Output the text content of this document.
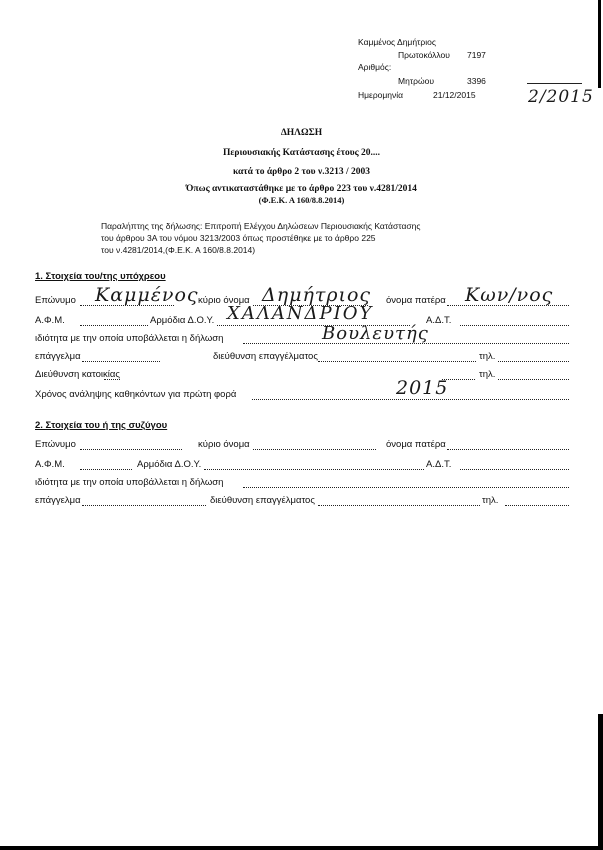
Καμμένος Δημήτριος
Πρωτοκόλλου 7197
Αριθμός:
Μητρώου	3396
Ημερομηνία	21/12/2015	2/2015
ΔΗΛΩΣΗ
Περιουσιακής Κατάστασης έτους 20....
κατά το άρθρο 2 του ν.3213 / 2003
Όπως αντικαταστάθηκε με το άρθρο 223 του ν.4281/2014
(Φ.Ε.Κ. Α 160/8.8.2014)
Παραλήπτης της δήλωσης: Επιτροπή Ελέγχου Δηλώσεων Περιουσιακής Κατάστασης
του άρθρου 3Α του νόμου 3213/2003 όπως προστέθηκε με το άρθρο 225
του ν.4281/2014,(Φ.Ε.Κ. Α 160/8.8.2014)
1. Στοιχεία του/της υπόχρεου
Επώνυμο Καμμένος κύριο όνομα Δημήτριος όνομα πατέρα Κων/νος
Α.Φ.Μ.	Αρμόδια Δ.Ο.Υ. ΧΑΛΑΝΔΡΙΟΥ	Α.Δ.Τ.
ιδιότητα με την οποία υποβάλλεται η δήλωση	Βουλευτής
επάγγελμα	διεύθυνση επαγγέλματος	τηλ.
Διεύθυνση κατοικίας	τηλ.
Χρόνος ανάληψης καθηκόντων για πρώτη φορά	2015
2. Στοιχεία του ή της συζύγου
Επώνυμο	κύριο όνομα	όνομα πατέρα
Α.Φ.Μ.	Αρμόδια Δ.Ο.Υ.	Α.Δ.Τ.
ιδιότητα με την οποία υποβάλλεται η δήλωση
επάγγελμα	διεύθυνση επαγγέλματος	τηλ.
